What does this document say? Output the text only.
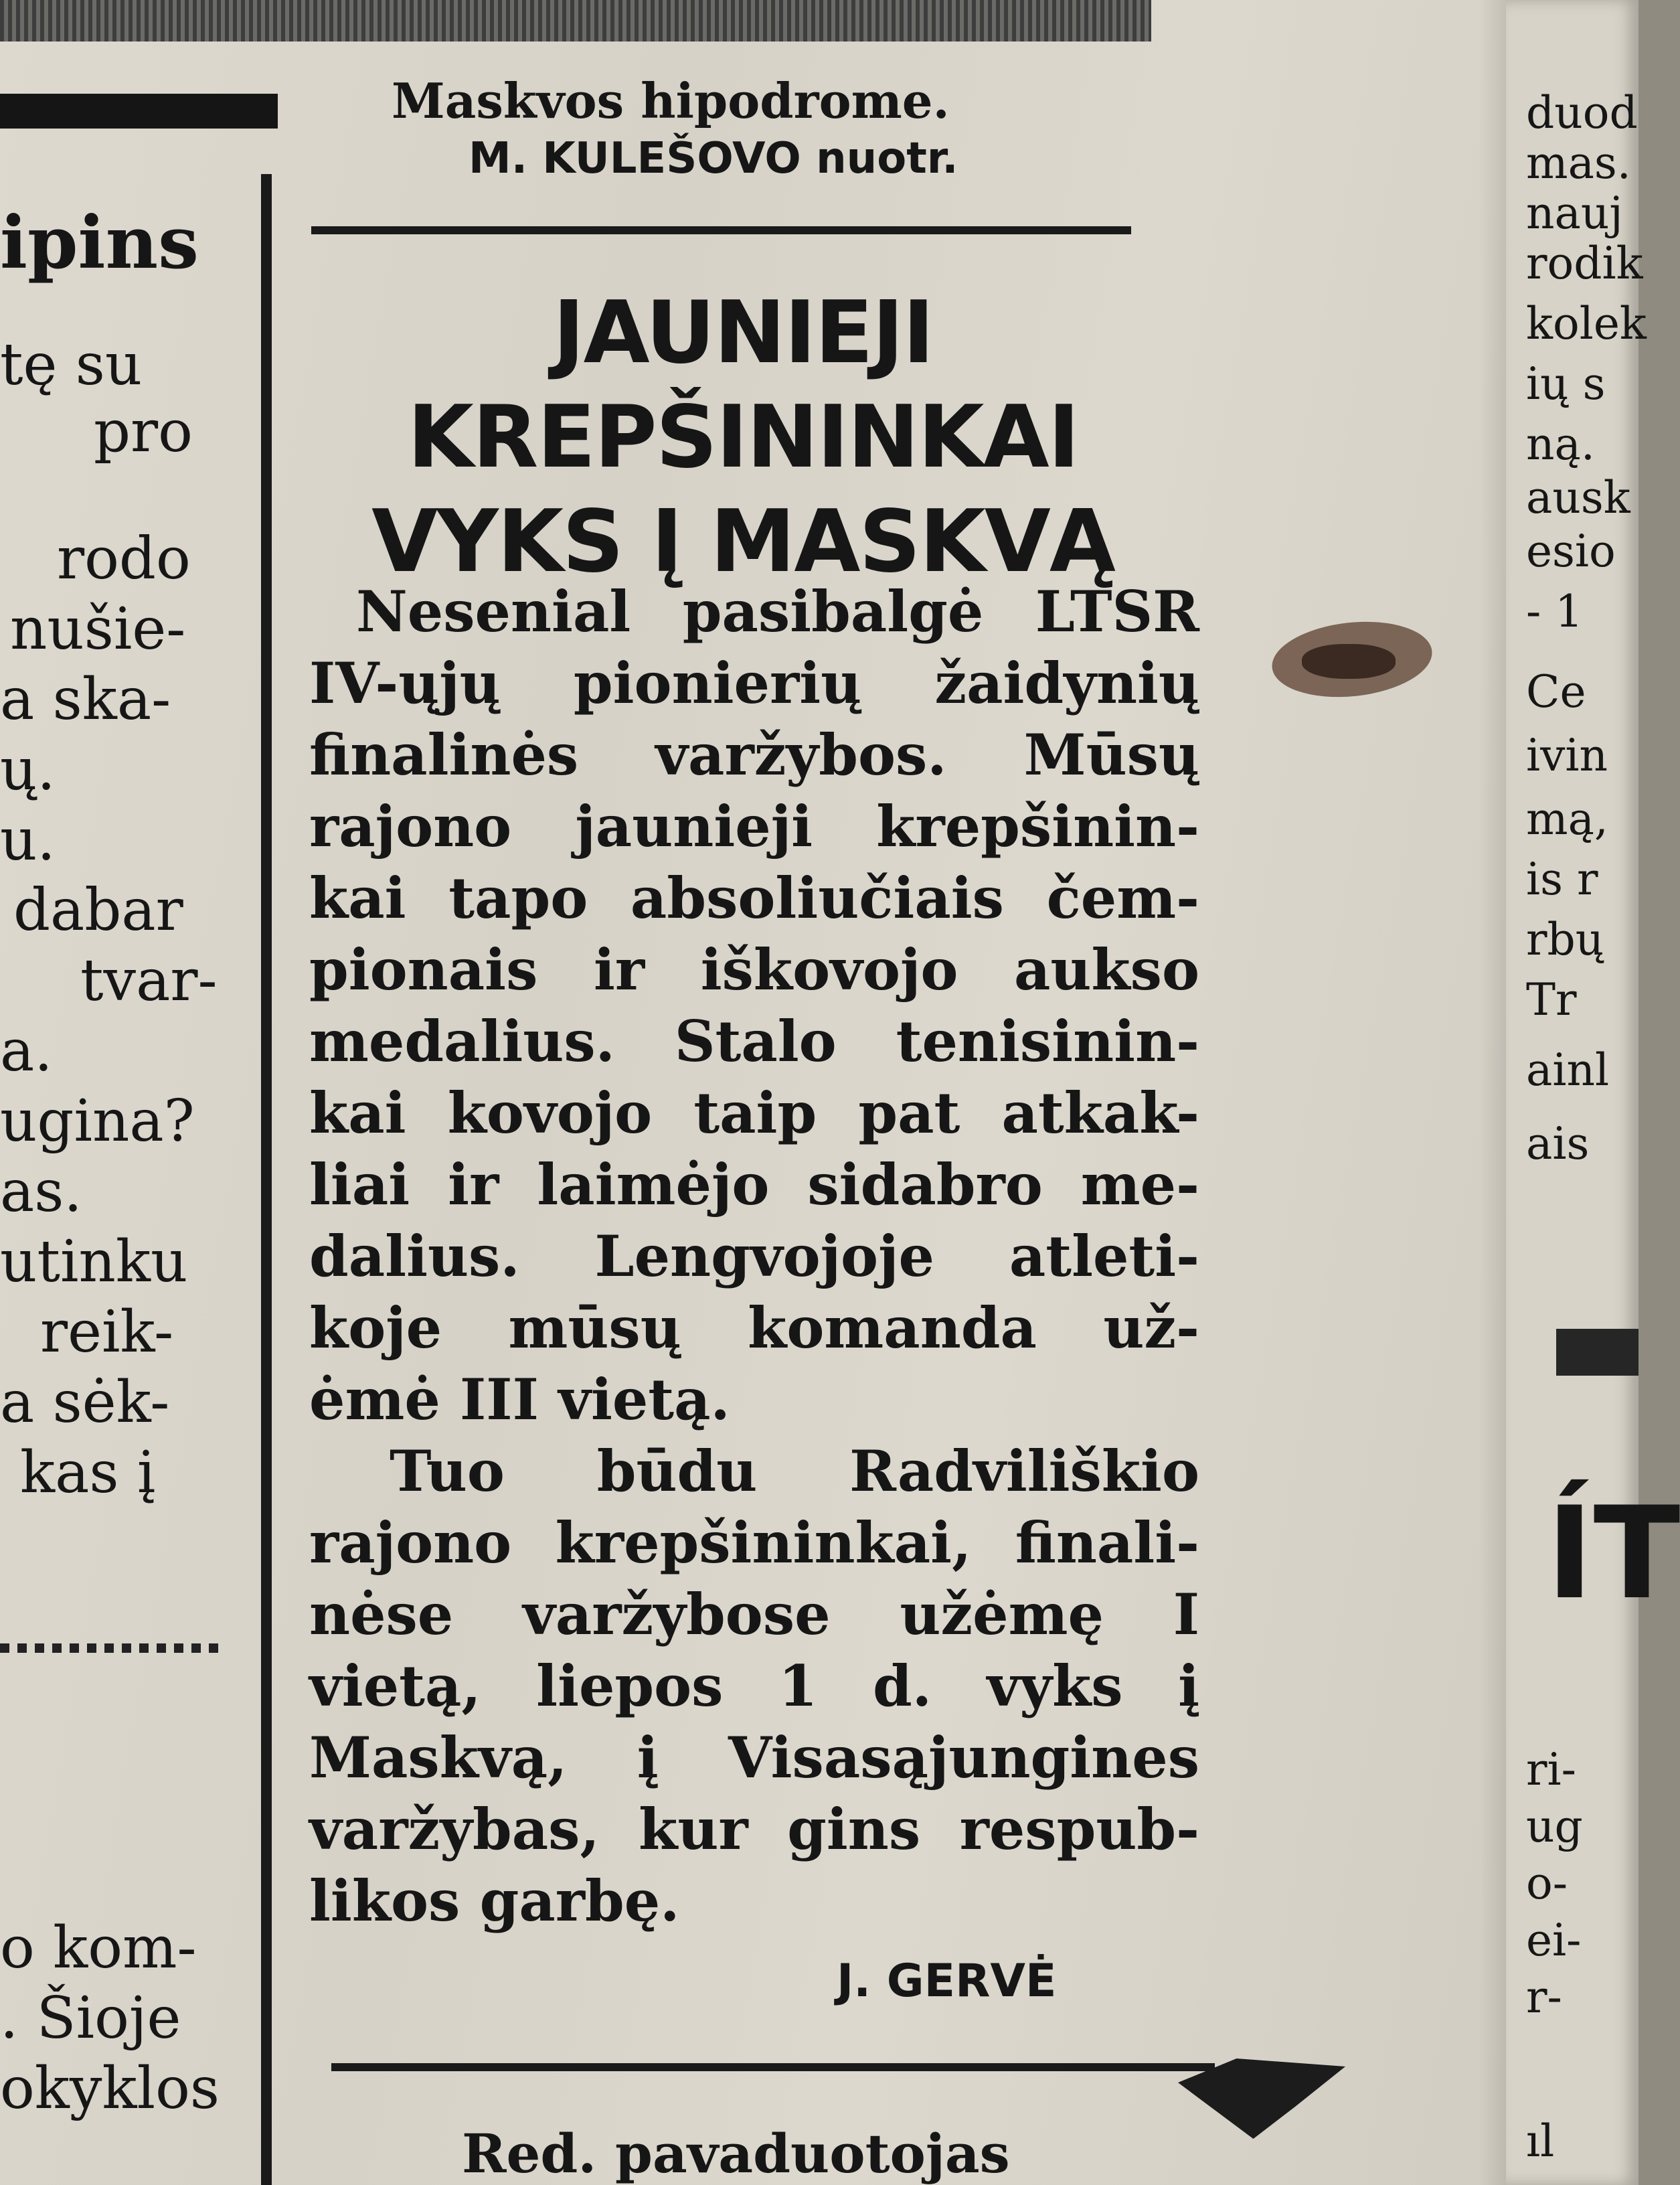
ipins
tę su
pro
rodo
nušie-
a ska-
ų.
u.
dabar
tvar-
a.
ugina?
as.
utinku
reik-
a sėk-
kas į
o kom-
. Šioje
okyklos
Maskvos hipodrome.
M. KULEŠOVO nuotr.
JAUNIEJI
KREPŠININKAI
VYKS Į MASKVĄ
Nesenial pasibalgė LTSR
IV-ųjų pionierių žaidynių
finalinės varžybos. Mūsų
rajono jaunieji krepšinin-
kai tapo absoliučiais čem-
pionais ir iškovojo aukso
medalius. Stalo tenisinin-
kai kovojo taip pat atkak-
liai ir laimėjo sidabro me-
dalius. Lengvojoje atleti-
koje mūsų komanda už-
ėmė III vietą.
Tuo būdu Radviliškio
rajono krepšininkai, finali-
nėse varžybose užėmę I
vietą, liepos 1 d. vyks į
Maskvą, į Visasąjungines
varžybas, kur gins respub-
likos garbę.
J. GERVĖ
Red. pavaduotojas
duod
mas.
nauj
rodik
kolek
ių s
ną.
ausk
esio
- 1
Ce
ivin
mą,
is r
rbų
Tr
ainl
ais
ÍT
ri-
ug
o-
ei-
r-
ıl
